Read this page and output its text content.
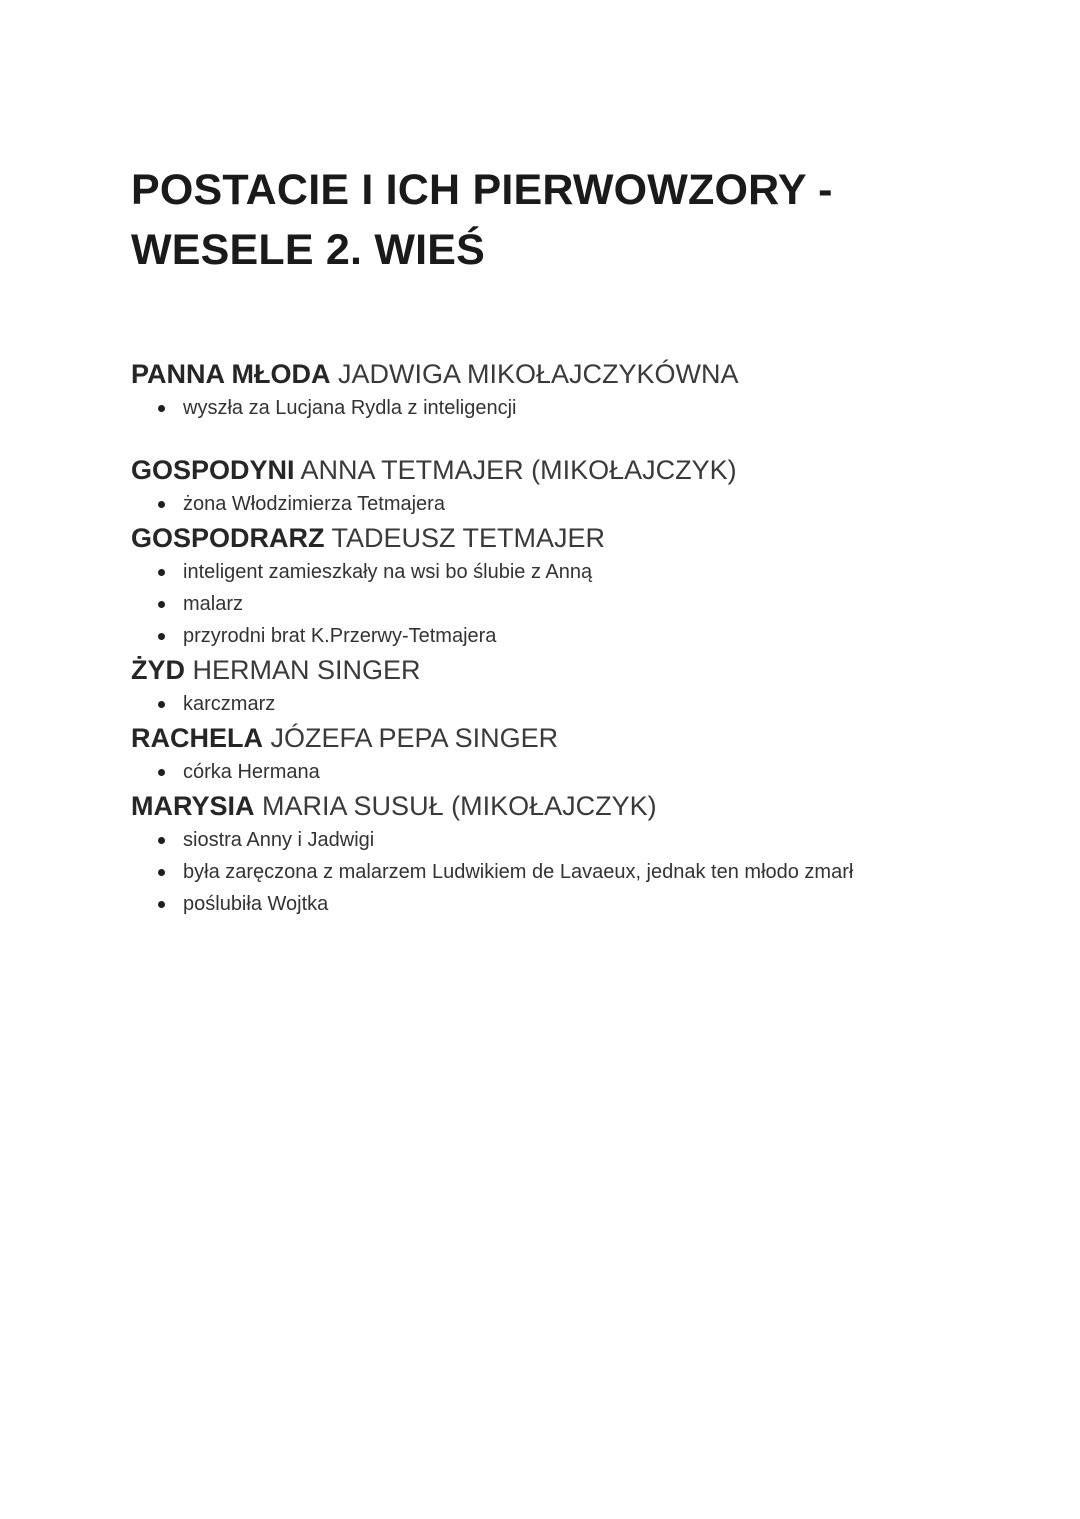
POSTACIE I ICH PIERWOWZORY -
WESELE 2. WIEŚ
PANNA MŁODA JADWIGA MIKOŁAJCZYKÓWNA
wyszła za Lucjana Rydla z inteligencji
GOSPODYNI ANNA TETMAJER (MIKOŁAJCZYK)
żona Włodzimierza Tetmajera
GOSPODRARZ TADEUSZ TETMAJER
inteligent zamieszkały na wsi bo ślubie z Anną
malarz
przyrodni brat K.Przerwy-Tetmajera
ŻYD HERMAN SINGER
karczmarz
RACHELA JÓZEFA PEPA SINGER
córka Hermana
MARYSIA MARIA SUSUŁ (MIKOŁAJCZYK)
siostra Anny i Jadwigi
była zaręczona z malarzem Ludwikiem de Lavaeux, jednak ten młodo zmarł
poślubiła Wojtka
